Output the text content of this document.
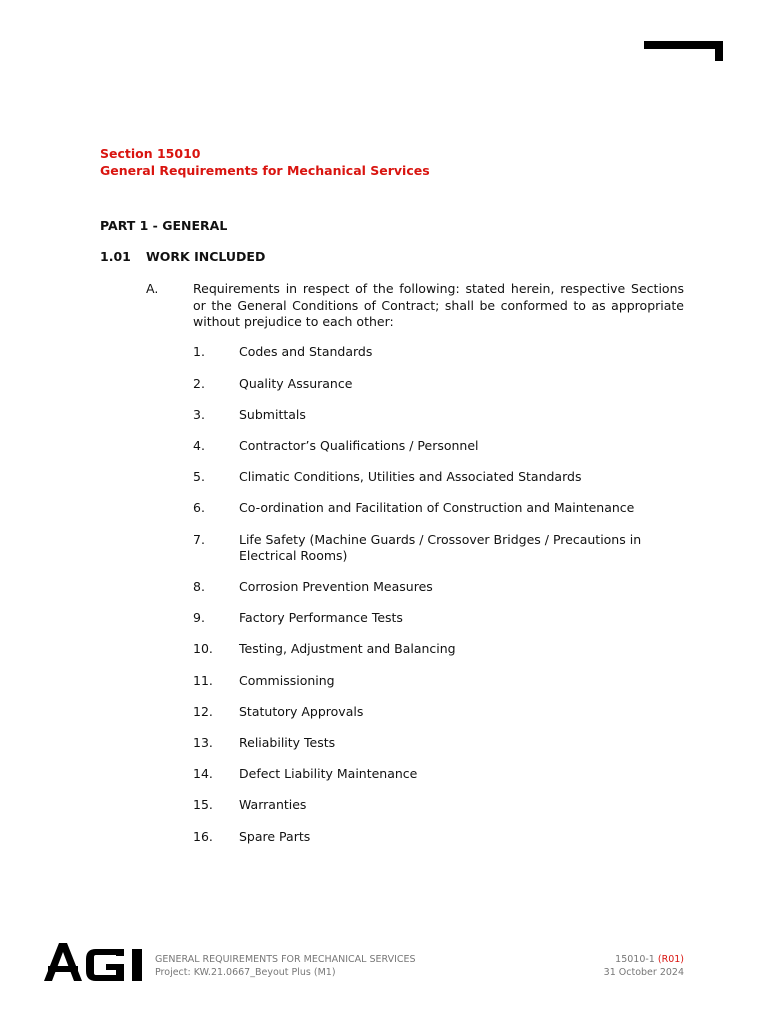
Section 15010
General Requirements for Mechanical Services
PART 1 - GENERAL
1.01 WORK INCLUDED
A.	Requirements in respect of the following: stated herein, respective Sections or the General Conditions of Contract; shall be conformed to as appropriate without prejudice to each other:

1.	Codes and Standards
2.	Quality Assurance
3.	Submittals
4.	Contractor’s Qualifications / Personnel
5.	Climatic Conditions, Utilities and Associated Standards
6.	Co-ordination and Facilitation of Construction and Maintenance
7.	Life Safety (Machine Guards / Crossover Bridges / Precautions in Electrical Rooms)
8.	Corrosion Prevention Measures
9.	Factory Performance Tests
10. Testing, Adjustment and Balancing
11. Commissioning
12. Statutory Approvals
13. Reliability Tests
14. Defect Liability Maintenance
15. Warranties
16. Spare Parts
GENERAL REQUIREMENTS FOR MECHANICAL SERVICES
Project: KW.21.0667_Beyout Plus (M1)
15010-1 (R01)
31 October 2024
